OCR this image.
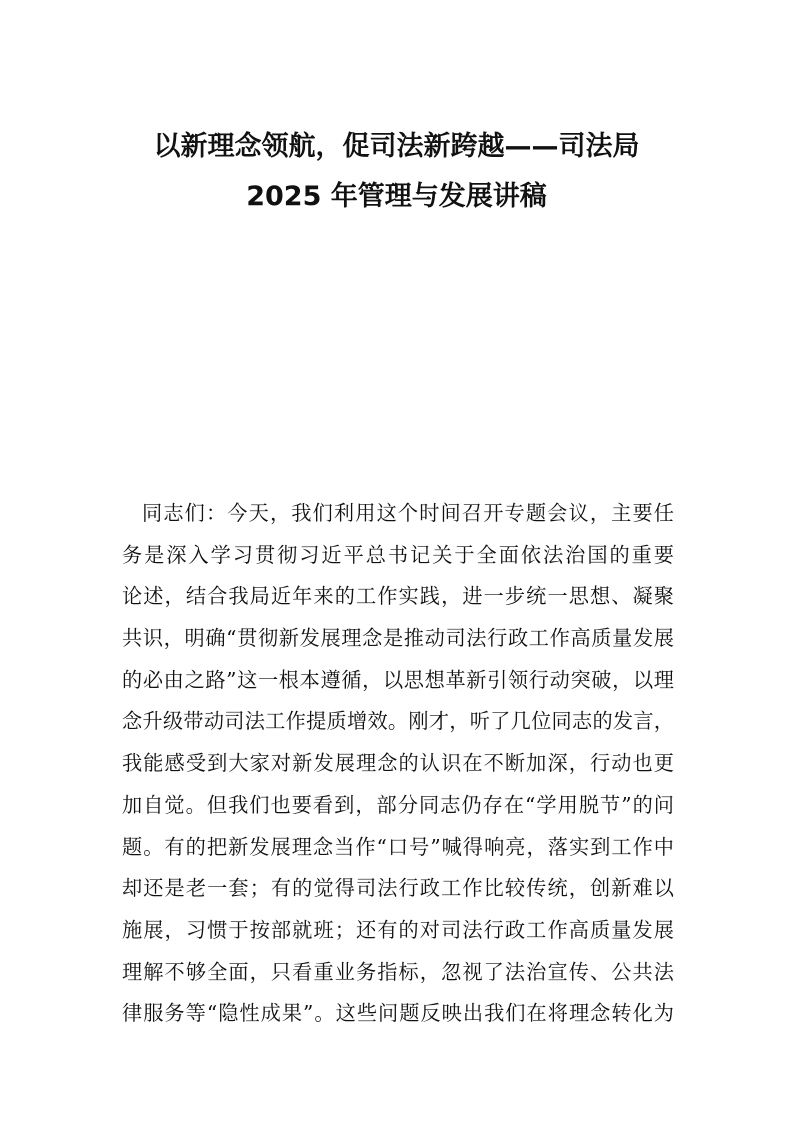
以新理念领航，促司法新跨越——司法局
2025 年管理与发展讲稿
同志们：今天，我们利用这个时间召开专题会议，主要任
务是深入学习贯彻习近平总书记关于全面依法治国的重要
论述，结合我局近年来的工作实践，进一步统一思想、凝聚
共识，明确“贯彻新发展理念是推动司法行政工作高质量发展
的必由之路”这一根本遵循，以思想革新引领行动突破，以理
念升级带动司法工作提质增效。刚才，听了几位同志的发言，
我能感受到大家对新发展理念的认识在不断加深，行动也更
加自觉。但我们也要看到，部分同志仍存在“学用脱节”的问
题。有的把新发展理念当作“口号”喊得响亮，落实到工作中
却还是老一套；有的觉得司法行政工作比较传统，创新难以
施展，习惯于按部就班；还有的对司法行政工作高质量发展
理解不够全面，只看重业务指标，忽视了法治宣传、公共法
律服务等“隐性成果”。这些问题反映出我们在将理念转化为
